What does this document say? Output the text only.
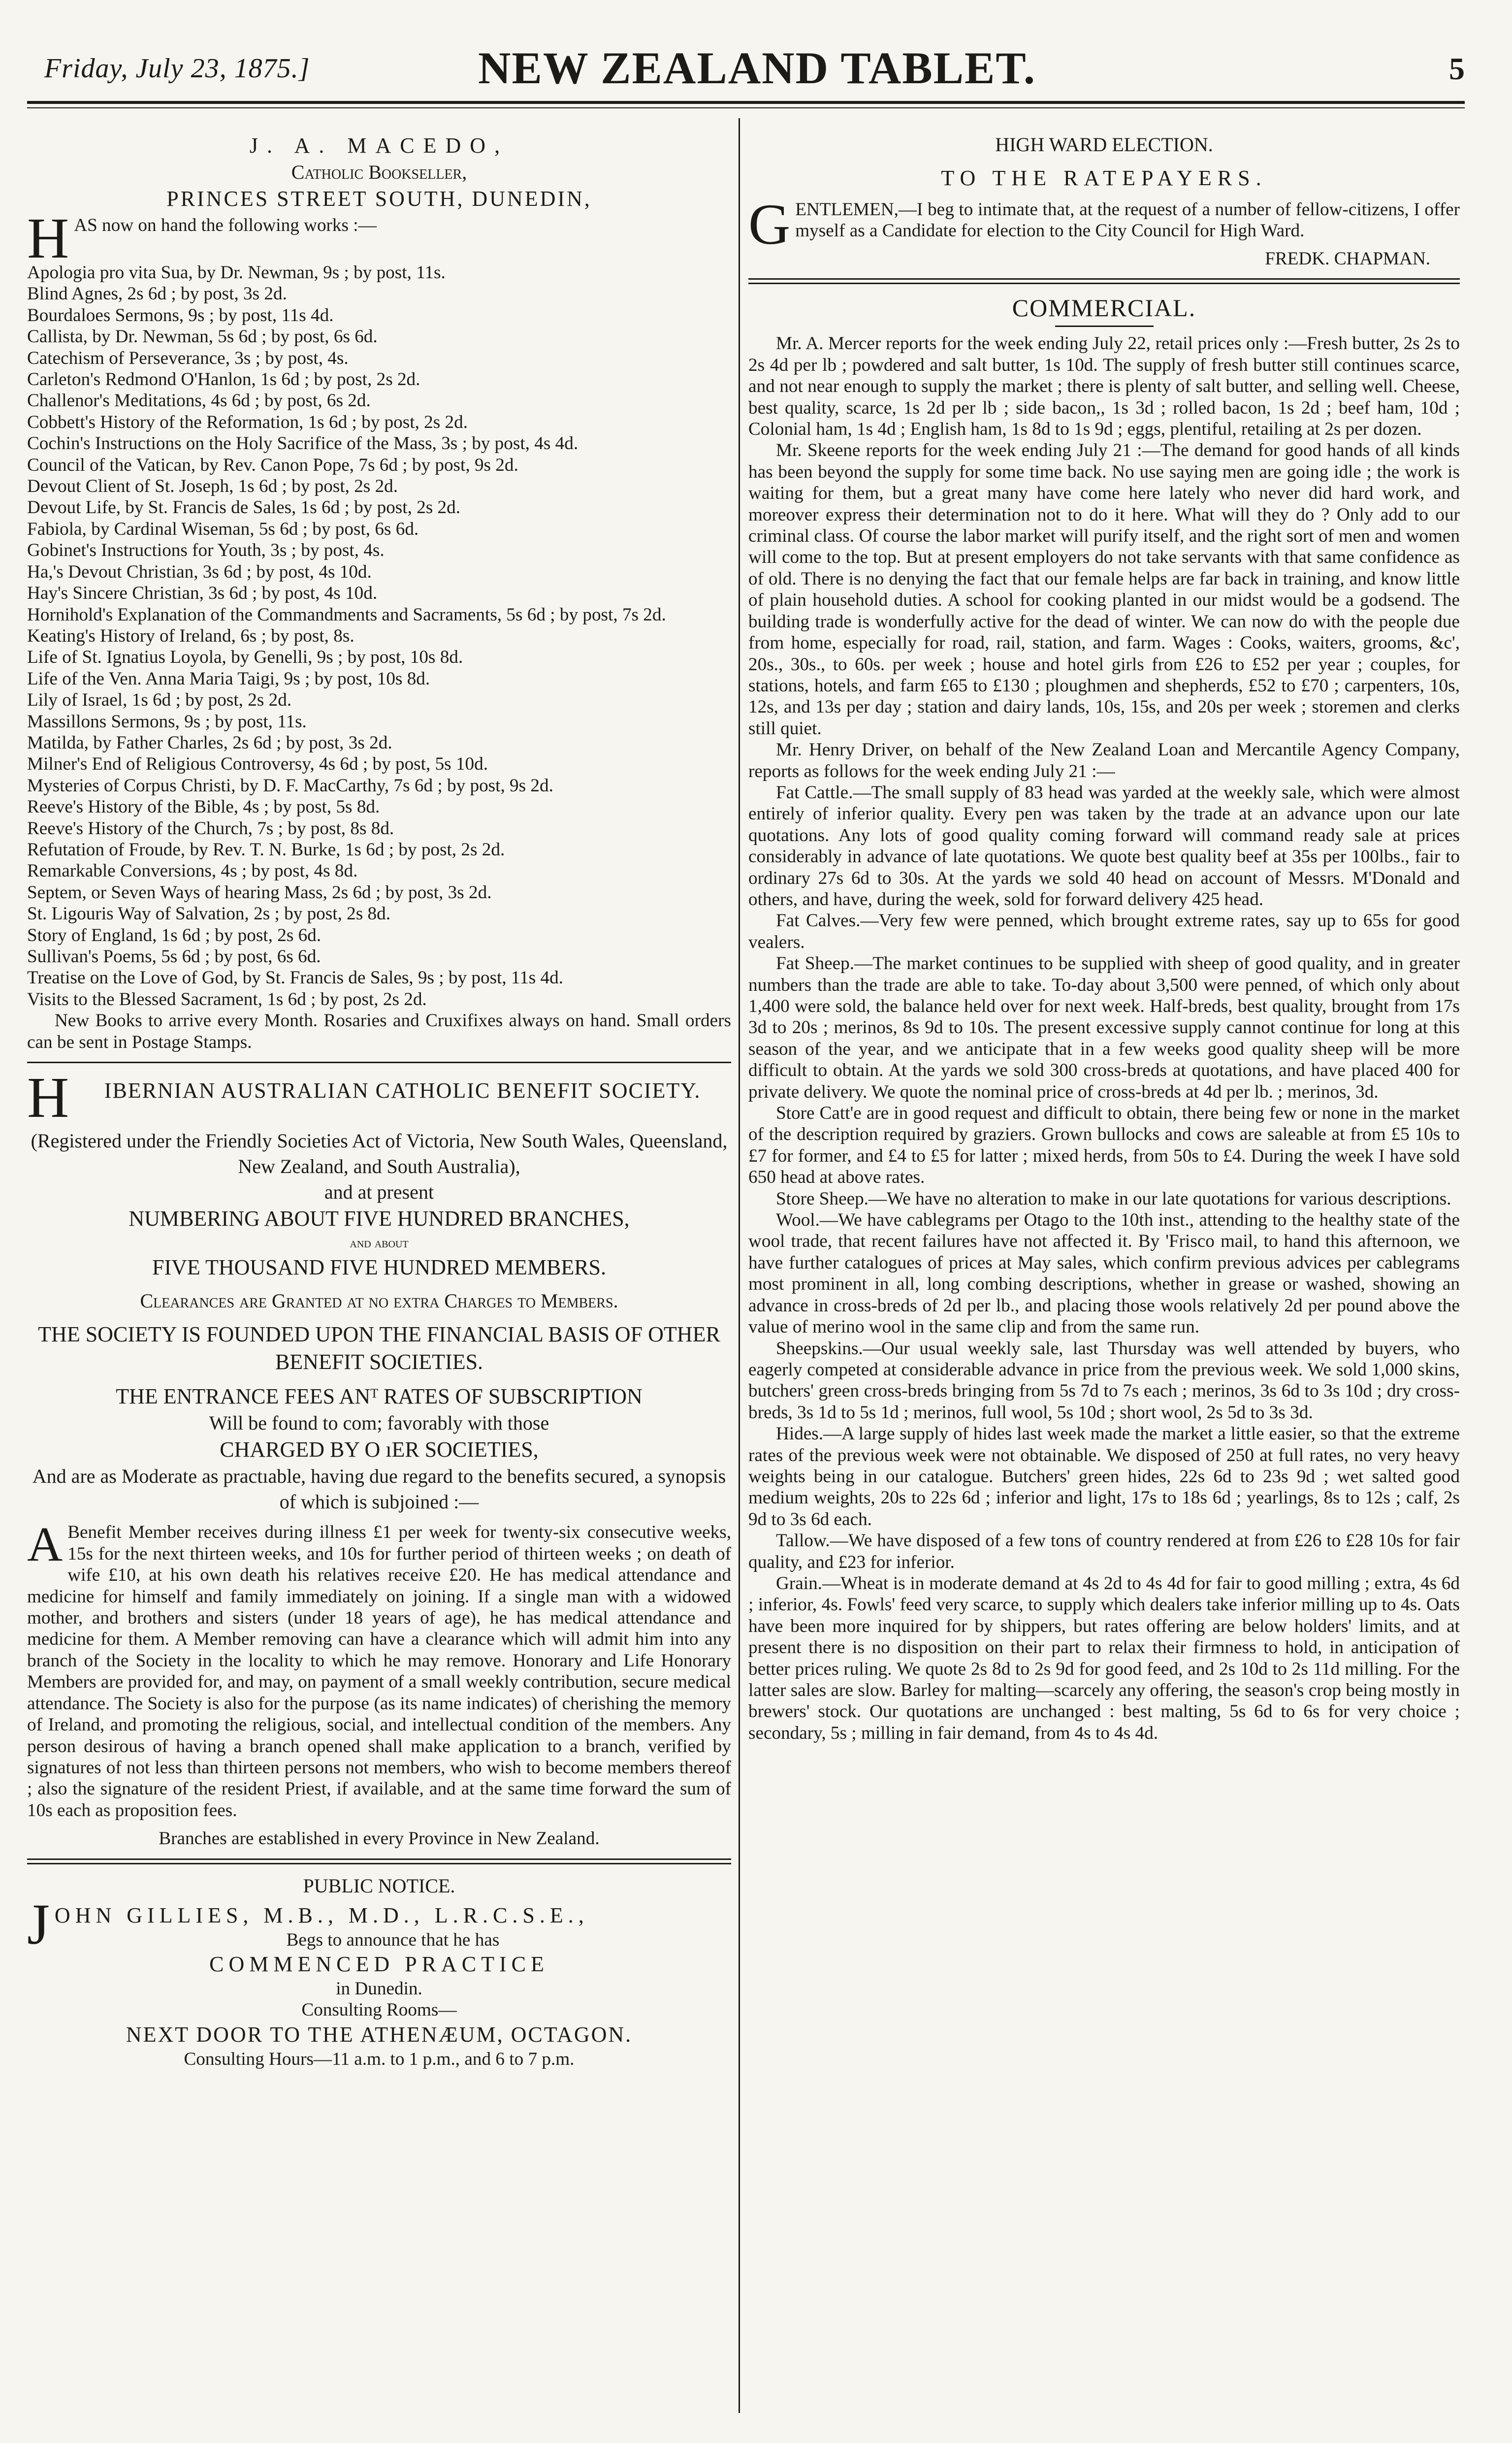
Friday, July 23, 1875.]	NEW ZEALAND TABLET.	5

J. A. MACEDO,

Catholic Bookseller,

PRINCES STREET SOUTH, DUNEDIN,

H AS now on hand the following works :—

Apologia pro vita Sua, by Dr. Newman, 9s ; by post, 11s.

Blind Agnes, 2s 6d ; by post, 3s 2d.

Bourdaloes Sermons, 9s ; by post, 11s 4d.

Callista, by Dr. Newman, 5s 6d ; by post, 6s 6d.

Catechism of Perseverance, 3s ; by post, 4s.

Carleton's Redmond O'Hanlon, 1s 6d ; by post, 2s 2d.

Challenor's Meditations, 4s 6d ; by post, 6s 2d.

Cobbett's History of the Reformation, 1s 6d ; by post, 2s 2d.

Cochin's Instructions on the Holy Sacrifice of the Mass, 3s ; by post, 4s 4d.

Council of the Vatican, by Rev. Canon Pope, 7s 6d ; by post, 9s 2d.

Devout Client of St. Joseph, 1s 6d ; by post, 2s 2d.

Devout Life, by St. Francis de Sales, 1s 6d ; by post, 2s 2d.

Fabiola, by Cardinal Wiseman, 5s 6d ; by post, 6s 6d.

Gobinet's Instructions for Youth, 3s ; by post, 4s.

Ha,'s Devout Christian, 3s 6d ; by post, 4s 10d.

Hay's Sincere Christian, 3s 6d ; by post, 4s 10d.

Hornihold's Explanation of the Commandments and Sacraments, 5s 6d ; by post, 7s 2d.

Keating's History of Ireland, 6s ; by post, 8s.

Life of St. Ignatius Loyola, by Genelli, 9s ; by post, 10s 8d.

Life of the Ven. Anna Maria Taigi, 9s ; by post, 10s 8d.

Lily of Israel, 1s 6d ; by post, 2s 2d.

Massillons Sermons, 9s ; by post, 11s.

Matilda, by Father Charles, 2s 6d ; by post, 3s 2d.

Milner's End of Religious Controversy, 4s 6d ; by post, 5s 10d.

Mysteries of Corpus Christi, by D. F. MacCarthy, 7s 6d ; by post, 9s 2d.

Reeve's History of the Bible, 4s ; by post, 5s 8d.

Reeve's History of the Church, 7s ; by post, 8s 8d.

Refutation of Froude, by Rev. T. N. Burke, 1s 6d ; by post, 2s 2d.

Remarkable Conversions, 4s ; by post, 4s 8d.

Septem, or Seven Ways of hearing Mass, 2s 6d ; by post, 3s 2d.

St. Ligouris Way of Salvation, 2s ; by post, 2s 8d.

Story of England, 1s 6d ; by post, 2s 6d.

Sullivan's Poems, 5s 6d ; by post, 6s 6d.

Treatise on the Love of God, by St. Francis de Sales, 9s ; by post, 11s 4d.

Visits to the Blessed Sacrament, 1s 6d ; by post, 2s 2d.

New Books to arrive every Month. Rosaries and Cruxifixes always on hand. Small orders can be sent in Postage Stamps.

H	IBERNIAN AUSTRALIAN CATHOLIC BENEFIT SOCIETY.

(Registered under the Friendly Societies Act of Victoria, New South Wales, Queensland, New Zealand, and South Australia),

and at present

NUMBERING ABOUT FIVE HUNDRED BRANCHES,

and about

FIVE THOUSAND FIVE HUNDRED MEMBERS.

Clearances are Granted at no extra Charges to Members.

THE SOCIETY IS FOUNDED UPON THE FINANCIAL BASIS OF OTHER BENEFIT SOCIETIES.

THE ENTRANCE FEES ANᵀ RATES OF SUBSCRIPTION

Will be found to com; favorably with those

CHARGED BY O ıER SOCIETIES,

And are as Moderate as practıable, having due regard to the benefits secured, a synopsis of which is subjoined :—

A Benefit Member receives during illness £1 per week for twenty-six consecutive weeks, 15s for the next thirteen weeks, and 10s for further period of thirteen weeks ; on death of wife £10, at his own death his relatives receive £20. He has medical attendance and medicine for himself and family immediately on joining. If a single man with a widowed mother, and brothers and sisters (under 18 years of age), he has medical attendance and medicine for them. A Member removing can have a clearance which will admit him into any branch of the Society in the locality to which he may remove. Honorary and Life Honorary Members are provided for, and may, on payment of a small weekly contribution, secure medical attendance. The Society is also for the purpose (as its name indicates) of cherishing the memory of Ireland, and promoting the religious, social, and intellectual condition of the members. Any person desirous of having a branch opened shall make application to a branch, verified by signatures of not less than thirteen persons not members, who wish to become members thereof ; also the signature of the resident Priest, if available, and at the same time forward the sum of 10s each as proposition fees.

Branches are established in every Province in New Zealand.

PUBLIC NOTICE.

J OHN GILLIES, M.B., M.D., L.R.C.S.E.,

Begs to announce that he has

COMMENCED PRACTICE

in Dunedin.

Consulting Rooms—

NEXT DOOR TO THE ATHENÆUM, OCTAGON.

Consulting Hours—11 a.m. to 1 p.m., and 6 to 7 p.m.

HIGH WARD ELECTION.

TO THE RATEPAYERS.

G ENTLEMEN,—I beg to intimate that, at the request of a number of fellow-citizens, I offer myself as a Candidate for election to the City Council for High Ward.

FREDK. CHAPMAN.

COMMERCIAL.

Mr. A. Mercer reports for the week ending July 22, retail prices only :—Fresh butter, 2s 2s to 2s 4d per lb ; powdered and salt butter, 1s 10d. The supply of fresh butter still continues scarce, and not near enough to supply the market ; there is plenty of salt butter, and selling well. Cheese, best quality, scarce, 1s 2d per lb ; side bacon,, 1s 3d ; rolled bacon, 1s 2d ; beef ham, 10d ; Colonial ham, 1s 4d ; English ham, 1s 8d to 1s 9d ; eggs, plentiful, retailing at 2s per dozen.

Mr. Skeene reports for the week ending July 21 :—The demand for good hands of all kinds has been beyond the supply for some time back. No use saying men are going idle ; the work is waiting for them, but a great many have come here lately who never did hard work, and moreover express their determination not to do it here. What will they do ? Only add to our criminal class. Of course the labor market will purify itself, and the right sort of men and women will come to the top. But at present employers do not take servants with that same confidence as of old. There is no denying the fact that our female helps are far back in training, and know little of plain household duties. A school for cooking planted in our midst would be a godsend. The building trade is wonderfully active for the dead of winter. We can now do with the people due from home, especially for road, rail, station, and farm. Wages : Cooks, waiters, grooms, &c', 20s., 30s., to 60s. per week ; house and hotel girls from £26 to £52 per year ; couples, for stations, hotels, and farm £65 to £130 ; ploughmen and shepherds, £52 to £70 ; carpenters, 10s, 12s, and 13s per day ; station and dairy lands, 10s, 15s, and 20s per week ; storemen and clerks still quiet.

Mr. Henry Driver, on behalf of the New Zealand Loan and Mercantile Agency Company, reports as follows for the week ending July 21 :—

Fat Cattle.—The small supply of 83 head was yarded at the weekly sale, which were almost entirely of inferior quality. Every pen was taken by the trade at an advance upon our late quotations. Any lots of good quality coming forward will command ready sale at prices considerably in advance of late quotations. We quote best quality beef at 35s per 100lbs., fair to ordinary 27s 6d to 30s. At the yards we sold 40 head on account of Messrs. M'Donald and others, and have, during the week, sold for forward delivery 425 head.

Fat Calves.—Very few were penned, which brought extreme rates, say up to 65s for good vealers.

Fat Sheep.—The market continues to be supplied with sheep of good quality, and in greater numbers than the trade are able to take. To-day about 3,500 were penned, of which only about 1,400 were sold, the balance held over for next week. Half-breds, best quality, brought from 17s 3d to 20s ; merinos, 8s 9d to 10s. The present excessive supply cannot continue for long at this season of the year, and we anticipate that in a few weeks good quality sheep will be more difficult to obtain. At the yards we sold 300 cross-breds at quotations, and have placed 400 for private delivery. We quote the nominal price of cross-breds at 4d per lb. ; merinos, 3d.

Store Catt'e are in good request and difficult to obtain, there being few or none in the market of the description required by graziers. Grown bullocks and cows are saleable at from £5 10s to £7 for former, and £4 to £5 for latter ; mixed herds, from 50s to £4. During the week I have sold 650 head at above rates.

Store Sheep.—We have no alteration to make in our late quotations for various descriptions.

Wool.—We have cablegrams per Otago to the 10th inst., attending to the healthy state of the wool trade, that recent failures have not affected it. By 'Frisco mail, to hand this afternoon, we have further catalogues of prices at May sales, which confirm previous advices per cablegrams most prominent in all, long combing descriptions, whether in grease or washed, showing an advance in cross-breds of 2d per lb., and placing those wools relatively 2d per pound above the value of merino wool in the same clip and from the same run.

Sheepskins.—Our usual weekly sale, last Thursday was well attended by buyers, who eagerly competed at considerable advance in price from the previous week. We sold 1,000 skins, butchers' green cross-breds bringing from 5s 7d to 7s each ; merinos, 3s 6d to 3s 10d ; dry cross-breds, 3s 1d to 5s 1d ; merinos, full wool, 5s 10d ; short wool, 2s 5d to 3s 3d.

Hides.—A large supply of hides last week made the market a little easier, so that the extreme rates of the previous week were not obtainable. We disposed of 250 at full rates, no very heavy weights being in our catalogue. Butchers' green hides, 22s 6d to 23s 9d ; wet salted good medium weights, 20s to 22s 6d ; inferior and light, 17s to 18s 6d ; yearlings, 8s to 12s ; calf, 2s 9d to 3s 6d each.

Tallow.—We have disposed of a few tons of country rendered at from £26 to £28 10s for fair quality, and £23 for inferior.

Grain.—Wheat is in moderate demand at 4s 2d to 4s 4d for fair to good milling ; extra, 4s 6d ; inferior, 4s. Fowls' feed very scarce, to supply which dealers take inferior milling up to 4s. Oats have been more inquired for by shippers, but rates offering are below holders' limits, and at present there is no disposition on their part to relax their firmness to hold, in anticipation of better prices ruling. We quote 2s 8d to 2s 9d for good feed, and 2s 10d to 2s 11d milling. For the latter sales are slow. Barley for malting—scarcely any offering, the season's crop being mostly in brewers' stock. Our quotations are unchanged : best malting, 5s 6d to 6s for very choice ; secondary, 5s ; milling in fair demand, from 4s to 4s 4d.
